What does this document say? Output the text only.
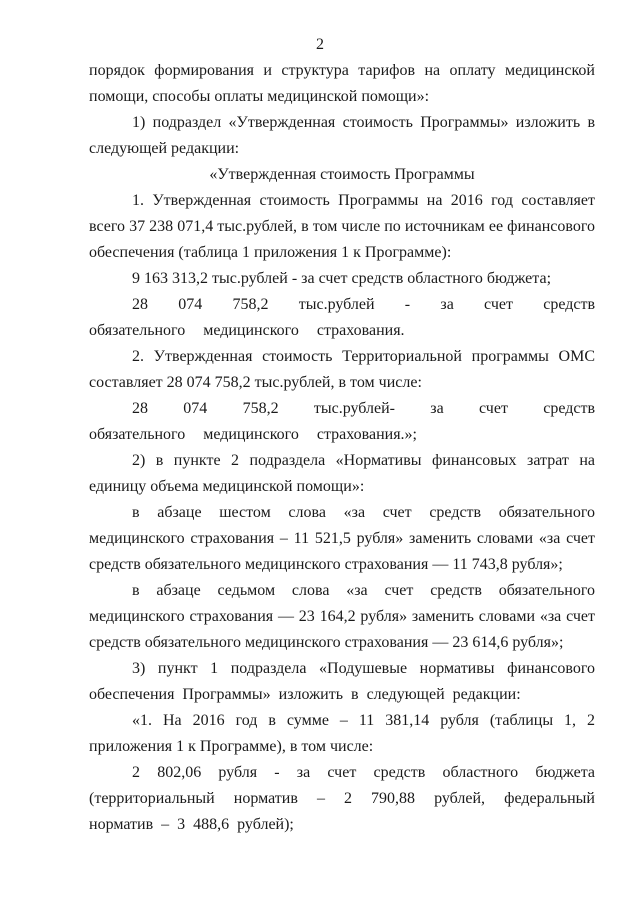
2

порядок формирования и структура тарифов на оплату медицинской помощи, способы оплаты медицинской помощи»:

1) подраздел «Утвержденная стоимость Программы» изложить в следующей редакции:

«Утвержденная стоимость Программы

1. Утвержденная стоимость Программы на 2016 год составляет всего 37 238 071,4 тыс.рублей, в том числе по источникам ее финансового обеспечения (таблица 1 приложения 1 к Программе):

9 163 313,2 тыс.рублей - за счет средств областного бюджета;

28 074 758,2 тыс.рублей - за счет средств обязательного медицинского страхования.

2. Утвержденная стоимость Территориальной программы ОМС составляет 28 074 758,2 тыс.рублей, в том числе:

28 074 758,2 тыс.рублей- за счет средств обязательного медицинского страхования.»;

2) в пункте 2 подраздела «Нормативы финансовых затрат на единицу объема медицинской помощи»:

в абзаце шестом слова «за счет средств обязательного медицинского страхования – 11 521,5 рубля» заменить словами «за счет средств обязательного медицинского страхования — 11 743,8 рубля»;

в абзаце седьмом слова «за счет средств обязательного медицинского страхования — 23 164,2 рубля» заменить словами «за счет средств обязательного медицинского страхования — 23 614,6 рубля»;

3) пункт 1 подраздела «Подушевые нормативы финансового обеспечения Программы» изложить в следующей редакции:

«1. На 2016 год в сумме – 11 381,14 рубля (таблицы 1, 2 приложения 1 к Программе), в том числе:

2 802,06 рубля - за счет средств областного бюджета (территориальный норматив – 2 790,88 рублей, федеральный норматив – 3 488,6 рублей);
